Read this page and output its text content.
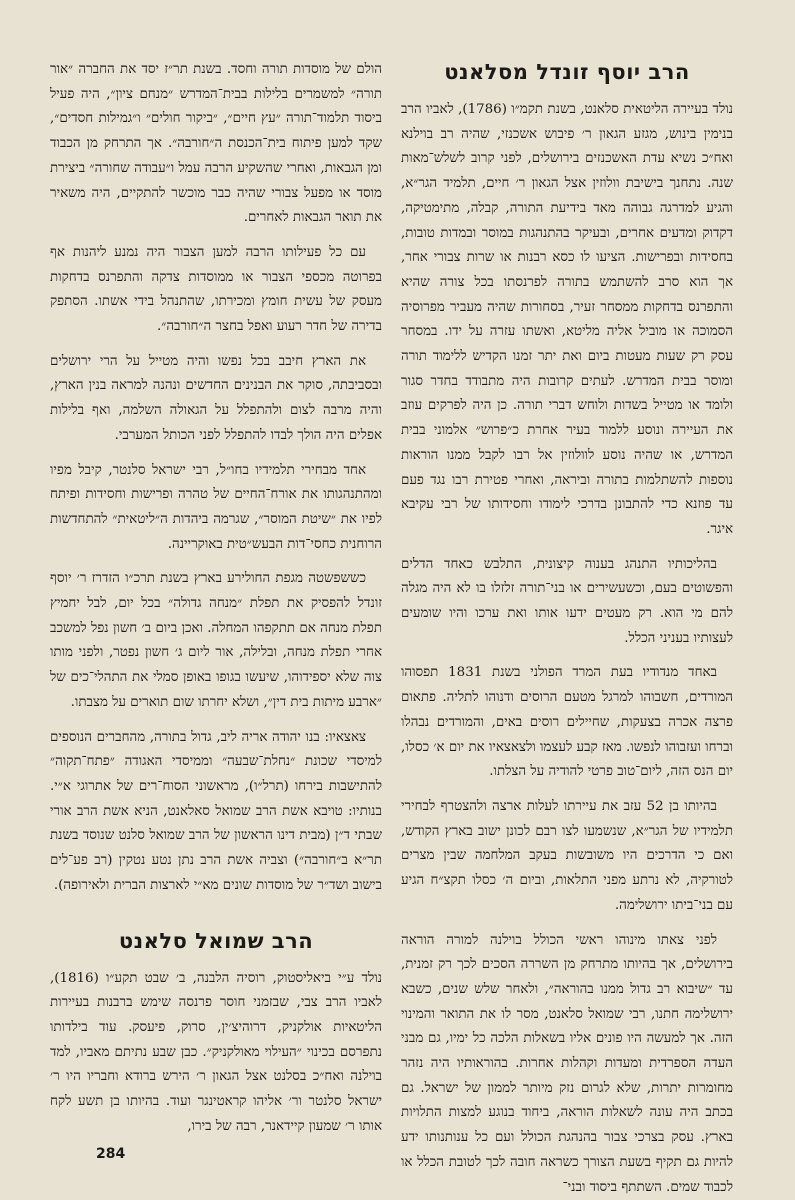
הרב יוסף זונדל מסלאנט

נולד בעיירה הליטאית סלאנט, בשנת תקמ״ו (1786), לאביו הרב בנימין בינוש, מגזע הגאון ר׳ פיבוש אשכנזי, שהיה רב בוילנא ואח״כ נשיא עדת האשכנזים בירושלים, לפני קרוב לשלש־מאות שנה. נתחנך בישיבת וולוזין אצל הגאון ר׳ חיים, תלמיד הגר״א, והגיע למדרגה גבוהה מאד בידיעת התורה, קבלה, מתימטיקה, דקדוק ומדעים אחרים, ובעיקר בהתנהגות במוסר ובמדות טובות, בחסידות ובפרישות. הציעו לו כסא רבנות או שרות צבורי אחר, אך הוא סרב להשתמש בתורה לפרנסתו בכל צורה שהיא והתפרנס בדחקות ממסחר זעיר, בסחורות שהיה מעביר מפרוסיה הסמוכה או מוביל אליה מליטא, ואשתו עזרה על ידו. במסחר עסק רק שעות מעטות ביום ואת יתר זמנו הקדיש ללימוד תורה ומוסר בבית המדרש. לעתים קרובות היה מתבודד בחדר סגור ולומד או מטייל בשדות ולוחש דברי תורה. כן היה לפרקים עוזב את העיירה ונוסע ללמוד בעיר אחרת כ״פרוש״ אלמוני בבית המדרש, או שהיה נוסע לוולוזין אל רבו לקבל ממנו הוראות נוספות להשתלמות בתורה וביראה, ואחרי פטירת רבו נגד פעם עד פוזנא כדי להתבונן בדרכי לימודו וחסידותו של רבי עקיבא איגר.

בהליכותיו התנהג בענוה קיצונית, התלבש כאחד הדלים והפשוטים בעם, וכשעשירים או בני־תורה זלזלו בו לא היה מגלה להם מי הוא. רק מעטים ידעו אותו ואת ערכו והיו שומעים לעצותיו בעניני הכלל.

באחד מנדודיו בעת המרד הפולני בשנת 1831 תפסוהו המורדים, חשבוהו למרגל מטעם הרוסים ודנוהו לתליה. פתאום פרצה אכרה בצעקות, שחיילים רוסים באים, והמורדים נבהלו וברחו ועזבוהו לנפשו. מאז קבע לעצמו ולצאצאיו את יום א׳ כסלו, יום הנס הזה, ליום־טוב פרטי להודיה על הצלתו.

בהיותו בן 52 עזב את עיירתו לעלות ארצה ולהצטרף לבחירי תלמידיו של הגר״א, שנשמעו לצו רבם לכונן ישוב בארץ הקודש, ואם כי הדרכים היו משובשות בעקב המלחמה שבין מצרים לטורקיה, לא נרתע מפני התלאות, וביום ה׳ כסלו תקצ״ח הגיע עם בני־ביתו ירושלימה.

לפני צאתו מינוהו ראשי הכולל בוילנה למורה הוראה בירושלים, אך בהיותו מתרחק מן השררה הסכים לכך רק זמנית, עד ״שיבוא רב גדול ממנו בהוראה״, ולאחר שלש שנים, כשבא ירושלימה חתנו, רבי שמואל סלאנט, מסר לו את התואר והמינוי הזה. אך למעשה היו פונים אליו בשאלות הלכה כל ימיו, גם מבני העדה הספרדית ומעדות וקהלות אחרות. בהוראותיו היה נזהר מחומרות יתרות, שלא לגרום נזק מיותר לממון של ישראל. גם בכתב היה עונה לשאלות הוראה, ביחוד בנוגע למצות התלויות בארץ. עסק בצרכי צבור בהנהגת הכולל ועם כל ענותנותו ידע להיות גם תקיף בשעת הצורך כשראה חובה לכך לטובת הכלל או לכבוד שמים. השתתף ביסוד ובני־

הולם של מוסדות תורה וחסד. בשנת תר״ז יסד את החברה ״אור תורה״ למשמרים בלילות בבית־המדרש ״מנחם ציון״, היה פעיל ביסוד תלמוד־תורה ״עץ חיים״, ״ביקור חולים״ ו״גמילות חסדים״, שקד למען פיתוח בית־הכנסת ה״חורבה״. אך התרחק מן הכבוד ומן הגבאות, ואחרי שהשקיע הרבה עמל ו״עבודה שחורה״ ביצירת מוסד או מפעל צבורי שהיה כבר מוכשר להתקיים, היה משאיר את תואר הגבאות לאחרים.

עם כל פעילותו הרבה למען הצבור היה נמנע ליהנות אף בפרוטה מכספי הצבור או ממוסדות צדקה והתפרנס בדחקות מעסק של עשית חומץ ומכירתו, שהתנהל בידי אשתו. הסתפק בדירה של חדר רעוע ואפל בחצר ה״חורבה״.

את הארץ חיבב בכל נפשו והיה מטייל על הרי ירושלים ובסביבתה, סוקר את הבנינים החדשים ונהנה למראה בנין הארץ, והיה מרבה לצום ולהתפלל על הגאולה השלמה, ואף בלילות אפלים היה הולך לבדו להתפלל לפני הכותל המערבי.

אחד מבחירי תלמידיו בחו״ל, רבי ישראל סלנטר, קיבל מפיו ומהתנהגותו את אורח־החיים של טהרה ופרישות וחסידות ופיתח לפיו את ״שיטת המוסר״, שגרמה ביהדות ה״ליטאית״ להתחדשות הרוחנית כחסי־דות הבעש״טית באוקריינה.

כששפשטה מגפת החולירע בארץ בשנת תרכ״ו הזדרז ר׳ יוסף זונדל להפסיק את תפלת ״מנחה גדולה״ בכל יום, לבל יחמיץ תפלת מנחה אם תתקפהו המחלה. ואכן ביום ב׳ חשון נפל למשכב אחרי תפלת מנחה, ובלילה, אור ליום ג׳ חשון נפטר, ולפני מותו צוה שלא יספידוהו, שיעשו בגופו באופן סמלי את התהלי־כים של ״ארבע מיתות בית דין״, ושלא יחרתו שום תוארים על מצבתו.

צאצאיו: בנו יהודה אריה ליב, גדול בתורה, מהחברים הנוספים למיסדי שכונת ״נחלת־שבעה״ וממיסדי האגודה ״פתח־תקוה״ להתישבות בירחו (תרל״ו), מראשוני הסוח־רים של אתרוגי א״י. בנותיו: טויבא אשת הרב שמואל סאלאנט, הניא אשת הרב אורי שבתי ד״ן (מבית דינו הראשון של הרב שמואל סלנט שנוסד בשנת תר״א ב״חורבה״) וצביה אשת הרב נתן נטע נטקין (רב פע־לים בישוב ושד״ר של מוסדות שונים מא״י לארצות הברית ולאירופה).

הרב שמואל סלאנט

נולד ע״י ביאליסטוק, רוסיה הלבנה, ב׳ שבט תקע״ו (1816), לאביו הרב צבי, שבזמני חוסר פרנסה שימש ברבנות בעיירות הליטאיות אולקניק, דרוהיצ׳ין, סרוק, פיעסק. עוד בילדותו נתפרסם בכינוי ״העילוי מאולקניק״. כבן שבע נתיתם מאביו, למד בוילנה ואח״כ בסלנט אצל הגאון ר׳ הירש ברודא וחבריו היו ר׳ ישראל סלנטר ור׳ אליהו קראטינגר ועוד. בהיותו בן תשע לקח אותו ר׳ שמעון קיידאנר, רבה של בירו,

284
